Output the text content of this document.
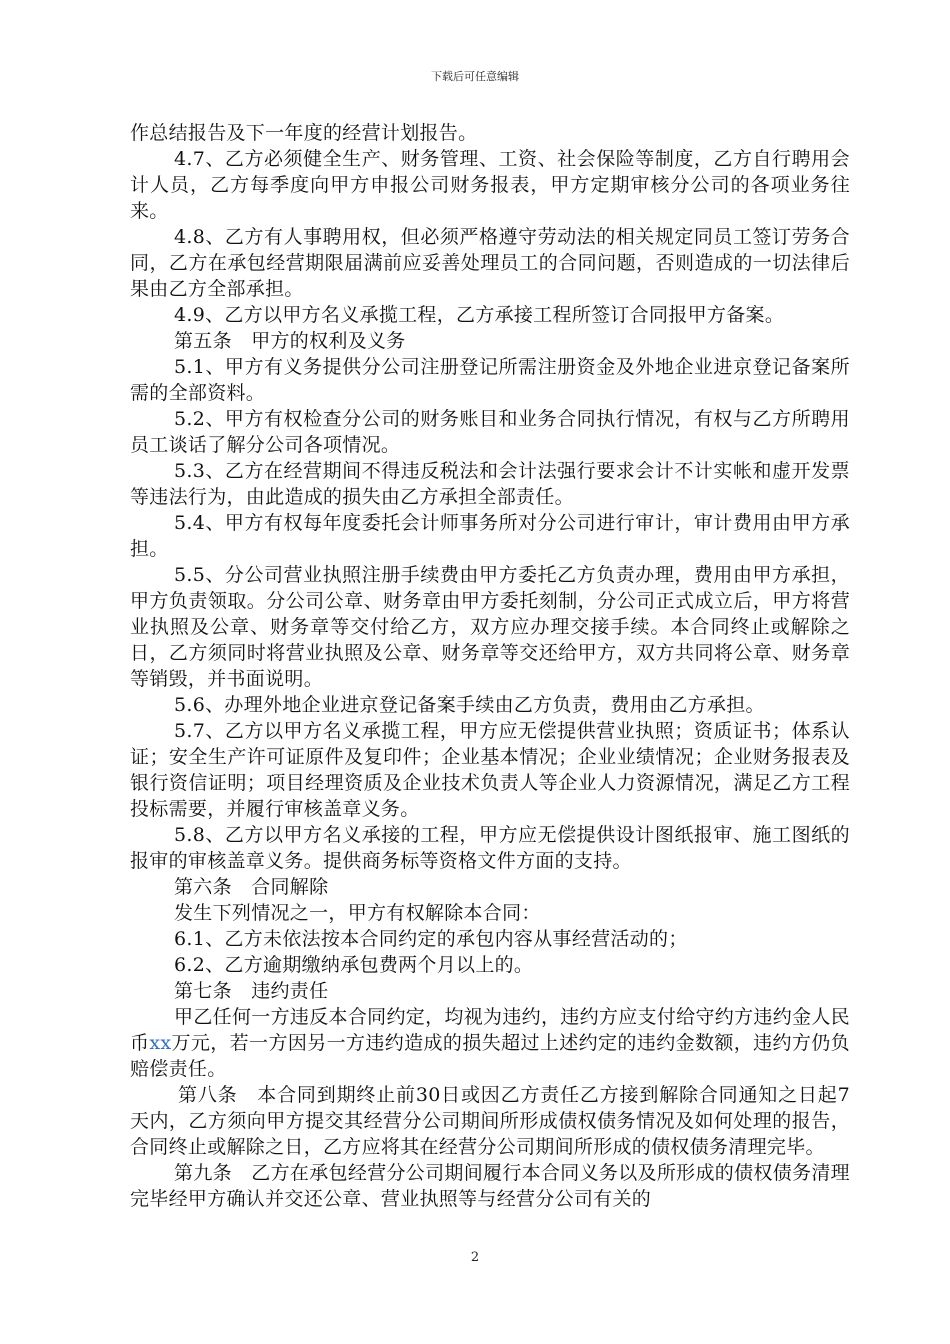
下载后可任意编辑

作总结报告及下一年度的经营计划报告。

4.7、乙方必须健全生产、财务管理、工资、社会保险等制度，乙方自行聘用会计人员，乙方每季度向甲方申报公司财务报表，甲方定期审核分公司的各项业务往来。

4.8、乙方有人事聘用权，但必须严格遵守劳动法的相关规定同员工签订劳务合同，乙方在承包经营期限届满前应妥善处理员工的合同问题，否则造成的一切法律后果由乙方全部承担。

4.9、乙方以甲方名义承揽工程，乙方承接工程所签订合同报甲方备案。

第五条　甲方的权利及义务

5.1、甲方有义务提供分公司注册登记所需注册资金及外地企业进京登记备案所需的全部资料。

5.2、甲方有权检查分公司的财务账目和业务合同执行情况，有权与乙方所聘用员工谈话了解分公司各项情况。

5.3、乙方在经营期间不得违反税法和会计法强行要求会计不计实帐和虚开发票等违法行为，由此造成的损失由乙方承担全部责任。

5.4、甲方有权每年度委托会计师事务所对分公司进行审计，审计费用由甲方承担。

5.5、分公司营业执照注册手续费由甲方委托乙方负责办理，费用由甲方承担，甲方负责领取。分公司公章、财务章由甲方委托刻制，分公司正式成立后，甲方将营业执照及公章、财务章等交付给乙方，双方应办理交接手续。本合同终止或解除之日，乙方须同时将营业执照及公章、财务章等交还给甲方，双方共同将公章、财务章等销毁，并书面说明。

5.6、办理外地企业进京登记备案手续由乙方负责，费用由乙方承担。

5.7、乙方以甲方名义承揽工程，甲方应无偿提供营业执照；资质证书；体系认证；安全生产许可证原件及复印件；企业基本情况；企业业绩情况；企业财务报表及银行资信证明；项目经理资质及企业技术负责人等企业人力资源情况，满足乙方工程投标需要，并履行审核盖章义务。

5.8、乙方以甲方名义承接的工程，甲方应无偿提供设计图纸报审、施工图纸的报审的审核盖章义务。提供商务标等资格文件方面的支持。

第六条　合同解除

发生下列情况之一，甲方有权解除本合同：

6.1、乙方未依法按本合同约定的承包内容从事经营活动的；

6.2、乙方逾期缴纳承包费两个月以上的。

第七条　违约责任

甲乙任何一方违反本合同约定，均视为违约，违约方应支付给守约方违约金人民币xx万元，若一方因另一方违约造成的损失超过上述约定的违约金数额，违约方仍负赔偿责任。

第八条　本合同到期终止前30日或因乙方责任乙方接到解除合同通知之日起7天内，乙方须向甲方提交其经营分公司期间所形成债权债务情况及如何处理的报告，合同终止或解除之日，乙方应将其在经营分公司期间所形成的债权债务清理完毕。

第九条　乙方在承包经营分公司期间履行本合同义务以及所形成的债权债务清理完毕经甲方确认并交还公章、营业执照等与经营分公司有关的

2
